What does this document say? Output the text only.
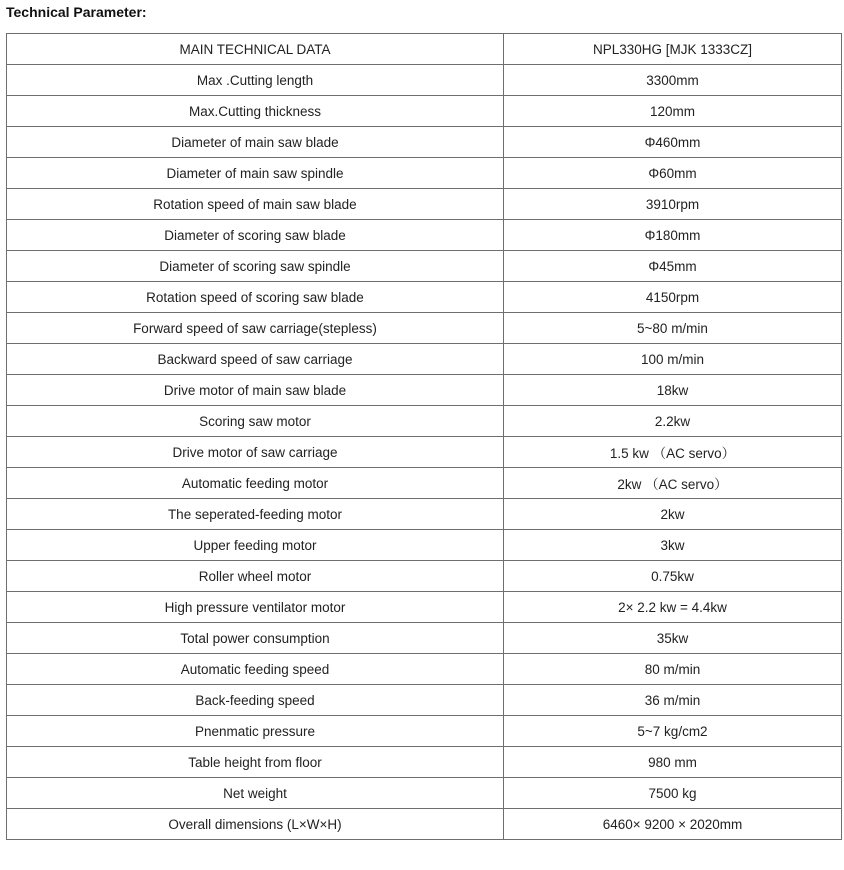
Technical Parameter:
MAIN TECHNICAL DATA	NPL330HG [MJK 1333CZ]
Max .Cutting length	3300mm
Max.Cutting thickness	120mm
Diameter of main saw blade	Φ460mm
Diameter of main saw spindle	Φ60mm
Rotation speed of main saw blade	3910rpm
Diameter of scoring saw blade	Φ180mm
Diameter of scoring saw spindle	Φ45mm
Rotation speed of scoring saw blade	4150rpm
Forward speed of saw carriage(stepless)	5~80 m/min
Backward speed of saw carriage	100 m/min
Drive motor of main saw blade	18kw
Scoring saw motor	2.2kw
Drive motor of saw carriage	1.5 kw （AC servo）
Automatic feeding motor	2kw （AC servo）
The seperated-feeding motor	2kw
Upper feeding motor	3kw
Roller wheel motor	0.75kw
High pressure ventilator motor	2× 2.2 kw = 4.4kw
Total power consumption	35kw
Automatic feeding speed	80 m/min
Back-feeding speed	36 m/min
Pnenmatic pressure	5~7 kg/cm2
Table height from floor	980 mm
Net weight	7500 kg
Overall dimensions (L×W×H)	6460× 9200 × 2020mm
